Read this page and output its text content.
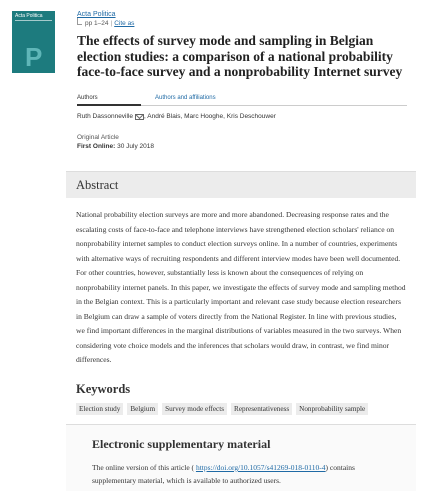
Acta Politica
P
Acta Politica
pp 1–24 | Cite as
The effects of survey mode and sampling in Belgian election studies: a comparison of a national probability face-to-face survey and a nonprobability Internet survey
Authors	Authors and affiliations
Ruth Dassonneville , André Blais, Marc Hooghe, Kris Deschouwer
Original Article
First Online: 30 July 2018
Abstract

National probability election surveys are more and more abandoned. Decreasing response rates and the escalating costs of face-to-face and telephone interviews have strengthened election scholars' reliance on nonprobability internet samples to conduct election surveys online. In a number of countries, experiments with alternative ways of recruiting respondents and different interview modes have been well documented. For other countries, however, substantially less is known about the consequences of relying on nonprobability internet panels. In this paper, we investigate the effects of survey mode and sampling method in the Belgian context. This is a particularly important and relevant case study because election researchers in Belgium can draw a sample of voters directly from the National Register. In line with previous studies, we find important differences in the marginal distributions of variables measured in the two surveys. When considering vote choice models and the inferences that scholars would draw, in contrast, we find minor differences.

Keywords
Election study	Belgium	Survey mode effects	Representativeness	Nonprobability sample
Electronic supplementary material

The online version of this article ( https://doi.org/10.1057/s41269-018-0110-4) contains supplementary material, which is available to authorized users.
